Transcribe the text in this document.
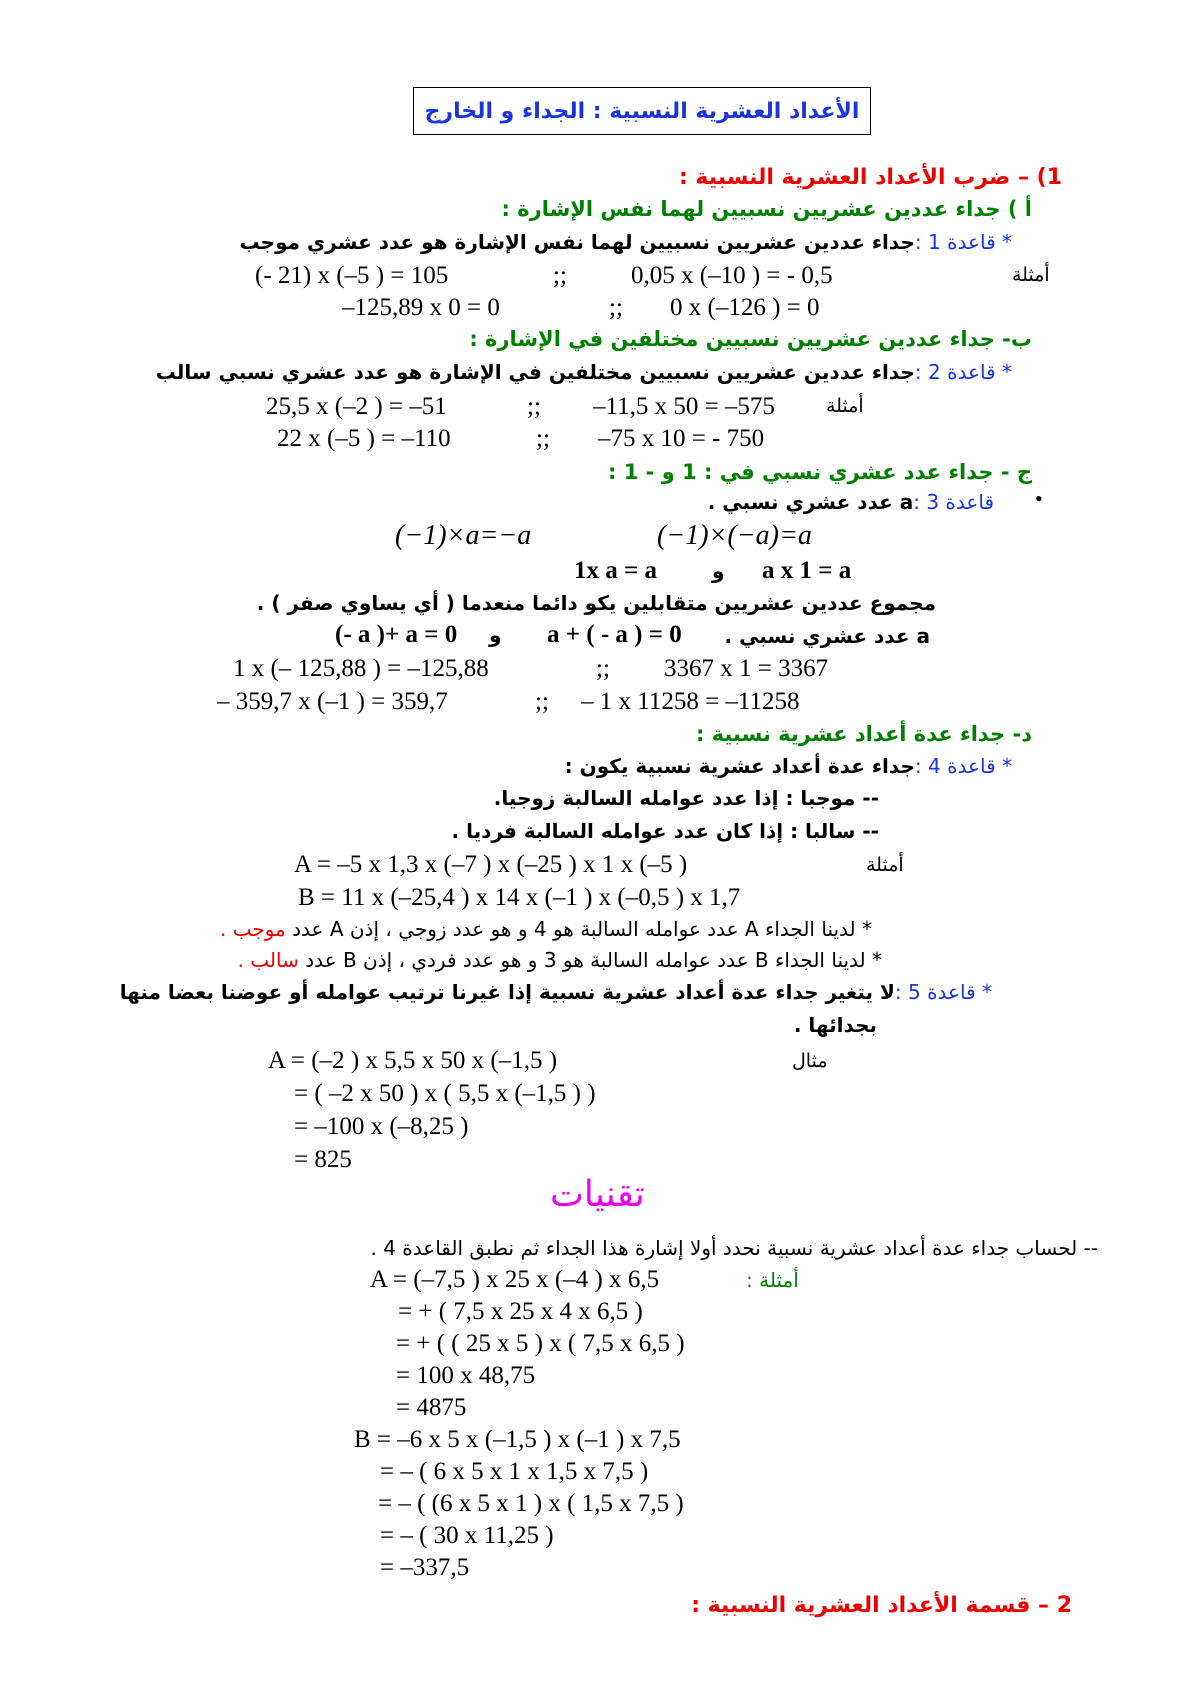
الأعداد العشرية النسبية : الجداء و الخارج
1) – ضرب الأعداد العشرية النسبية :
أ ) جداء عددين عشريين نسبيين لهما نفس الإشارة :
* قاعدة 1 :جداء عددين عشريين نسبيين لهما نفس الإشارة هو عدد عشري موجب
أمثلة
(- 21) x (–5 ) = 105	;;	0,05 x (–10 ) = - 0,5
–125,89 x 0 = 0	;; 0 x (–126 ) = 0
ب- جداء عددين عشريين نسبيين مختلفين في الإشارة :
* قاعدة 2 :جداء عددين عشريين نسبيين مختلفين في الإشارة هو عدد عشري نسبي سالب
أمثلة
25,5 x (–2 ) = –51	;; –11,5 x 50 = –575
22 x (–5 ) = –110	;; –75 x 10 = - 750
ج - جداء عدد عشري نسبي في : 1 و - 1 :
•
قاعدة 3 :a عدد عشري نسبي .
(−1)×a=−a	(−1)×(−a)=a
1x a = a	و a x 1 = a
مجموع عددين عشريين متقابلين يكو دائما منعدما ( أي يساوي صفر ) .
a عدد عشري نسبي .
a + ( - a ) = 0
و
(- a )+ a = 0
1 x (– 125,88 ) = –125,88	;; 3367 x 1 = 3367
– 359,7 x (–1 ) = 359,7	;; – 1 x 11258 = –11258
د- جداء عدة أعداد عشرية نسبية :
* قاعدة 4 :جداء عدة أعداد عشرية نسبية يكون :
-- موجبا : إذا عدد عوامله السالبة زوجيا.
-- سالبا : إذا كان عدد عوامله السالبة فرديا .
أمثلة
A = –5 x 1,3 x (–7 ) x (–25 ) x 1 x (–5 )
B = 11 x (–25,4 ) x 14 x (–1 ) x (–0,5 ) x 1,7
* لدينا الجداء A عدد عوامله السالبة هو 4 و هو عدد زوجي ، إذن A عدد موجب .
* لدينا الجداء B عدد عوامله السالبة هو 3 و هو عدد فردي ، إذن B عدد سالب .
* قاعدة 5 :لا يتغير جداء عدة أعداد عشرية نسبية إذا غيرنا ترتيب عوامله أو عوضنا بعضا منها
بجدائها .
مثال
A = (–2 ) x 5,5 x 50 x (–1,5 )
= ( –2 x 50 ) x ( 5,5 x (–1,5 ) )
= –100 x (–8,25 )
= 825
تقنيات
-- لحساب جداء عدة أعداد عشرية نسبية نحدد أولا إشارة هذا الجداء ثم نطبق القاعدة 4 .
أمثلة :
A = (–7,5 ) x 25 x (–4 ) x 6,5
= + ( 7,5 x 25 x 4 x 6,5 )
= + ( ( 25 x 5 ) x ( 7,5 x 6,5 )
= 100 x 48,75
= 4875
B = –6 x 5 x (–1,5 ) x (–1 ) x 7,5
= – ( 6 x 5 x 1 x 1,5 x 7,5 )
= – ( (6 x 5 x 1 ) x ( 1,5 x 7,5 )
= – ( 30 x 11,25 )
= –337,5
2 – قسمة الأعداد العشرية النسبية :
